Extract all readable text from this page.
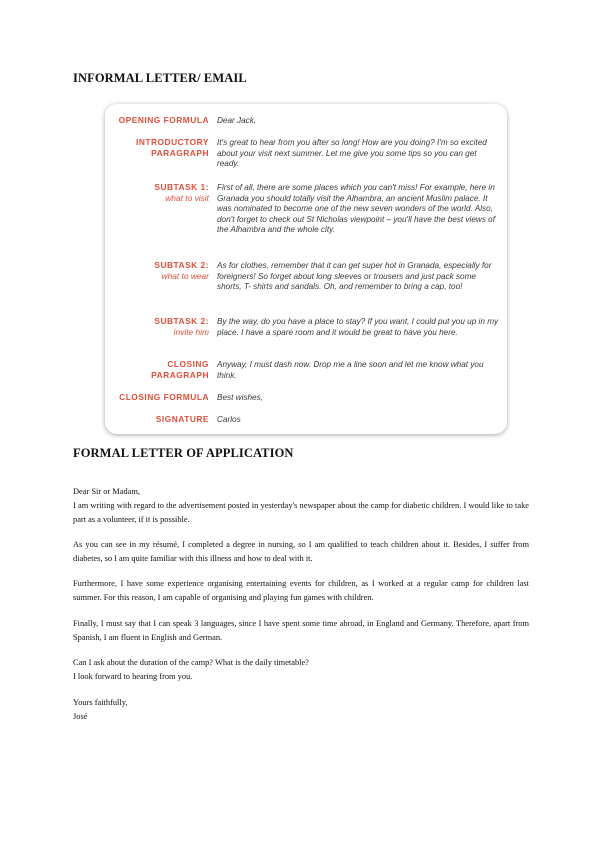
INFORMAL LETTER/ EMAIL
OPENING FORMULA Dear Jack,
INTRODUCTORY PARAGRAPH
It's great to hear from you after so long! How are you doing? I'm so excited about your visit next summer. Let me give you some tips so you can get ready.
SUBTASK 1:
what to visit
First of all, there are some places which you can't miss! For example, here in Granada you should totally visit the Alhambra, an ancient Muslim palace. It was nominated to become one of the new seven wonders of the world. Also, don't forget to check out St Nicholas viewpoint – you'll have the best views of the Alhambra and the whole city.
SUBTASK 2:
what to wear
As for clothes, remember that it can get super hot in Granada, especially for foreigners! So forget about long sleeves or trousers and just pack some shorts, T- shirts and sandals. Oh, and remember to bring a cap, too!
SUBTASK 2:
invite him
By the way, do you have a place to stay? If you want, I could put you up in my place. I have a spare room and it would be great to have you here.
CLOSING PARAGRAPH
Anyway, I must dash now. Drop me a line soon and let me know what you think.
CLOSING FORMULA Best wishes,
SIGNATURE Carlos
FORMAL LETTER OF APPLICATION

Dear Sir or Madam,

I am writing with regard to the advertisement posted in yesterday's newspaper about the camp for diabetic children. I would like to take part as a volunteer, if it is possible.

As you can see in my résumé, I completed a degree in nursing, so I am qualified to teach children about it. Besides, I suffer from diabetes, so I am quite familiar with this illness and how to deal with it.

Furthermore, I have some experience organising entertaining events for children, as I worked at a regular camp for children last summer. For this reason, I am capable of organising and playing fun games with children.

Finally, I must say that I can speak 3 languages, since I have spent some time abroad, in England and Germany. Therefore, apart from Spanish, I am fluent in English and German.

Can I ask about the duration of the camp? What is the daily timetable?

I look forward to hearing from you.

Yours faithfully,

José
